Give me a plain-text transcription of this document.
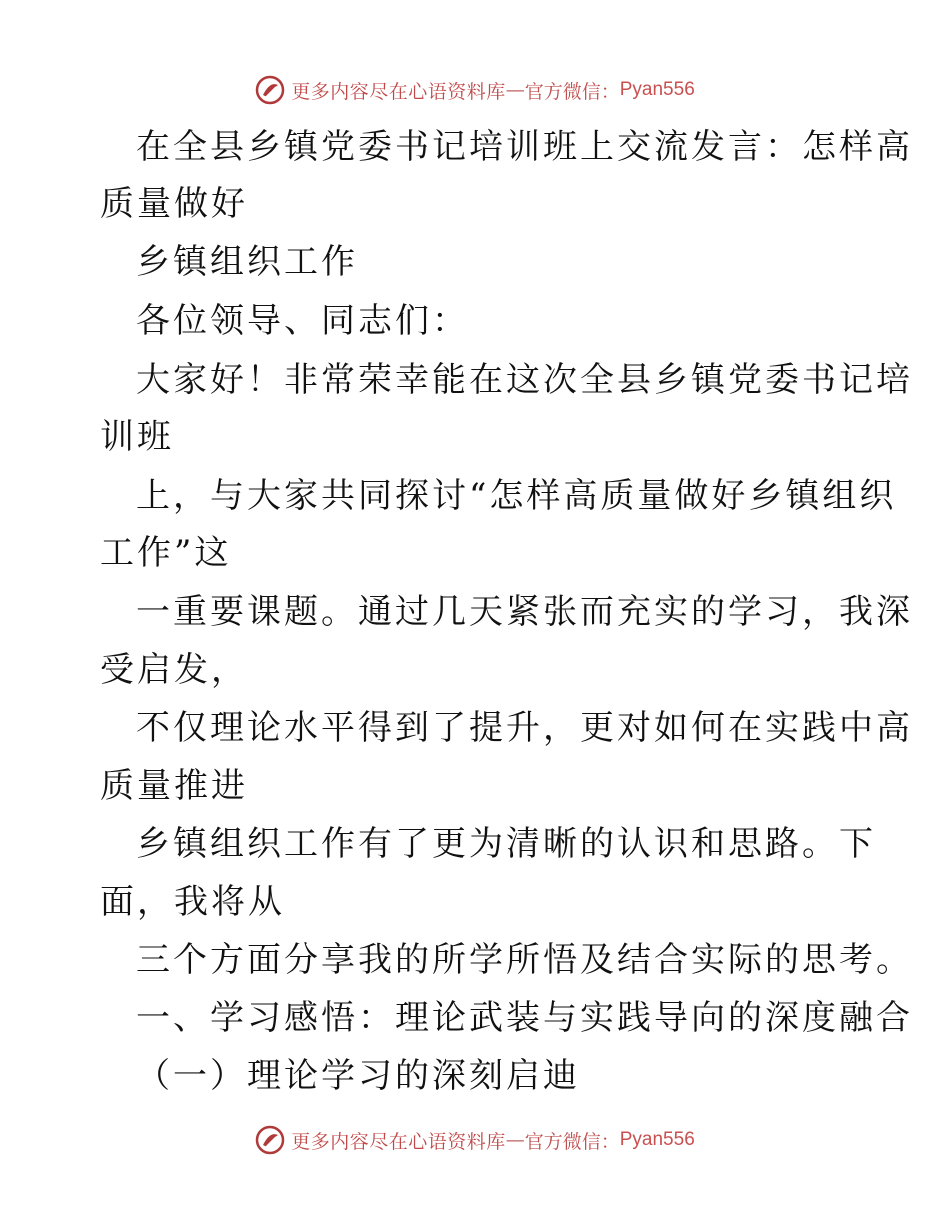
更多内容尽在心语资料库 — 官方微信： Pyan556
在全县乡镇党委书记培训班上交流发言：怎样高
质量做好
乡镇组织工作
各位领导、同志们：
大家好！非常荣幸能在这次全县乡镇党委书记培
训班
上，与大家共同探讨“怎样高质量做好乡镇组织
工作”这
一重要课题。通过几天紧张而充实的学习，我深
受启发，
不仅理论水平得到了提升，更对如何在实践中高
质量推进
乡镇组织工作有了更为清晰的认识和思路。下
面，我将从
三个方面分享我的所学所悟及结合实际的思考。
一、学习感悟：理论武装与实践导向的深度融合
（一）理论学习的深刻启迪
更多内容尽在心语资料库 — 官方微信： Pyan556
